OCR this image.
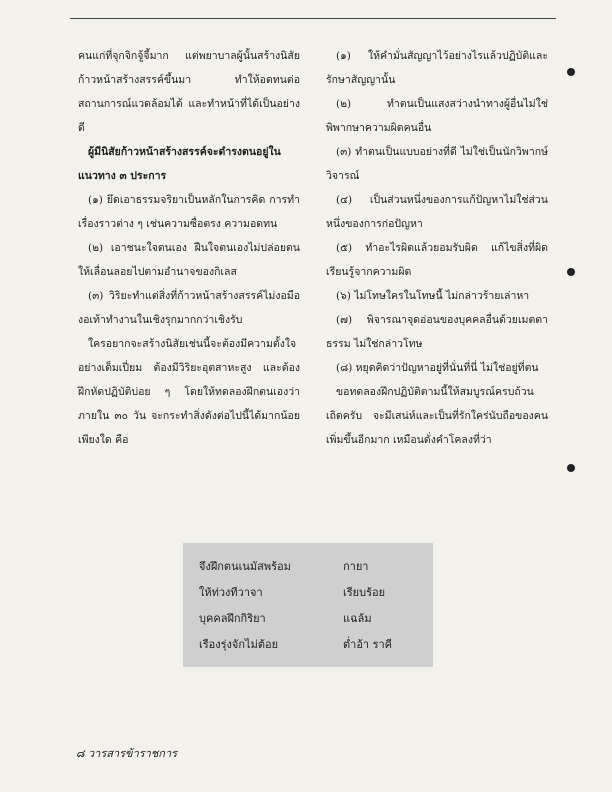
คนแก่ที่จุกจิกจู้จี้มาก แต่พยาบาลผู้นั้นสร้างนิสัยก้าวหน้าสร้างสรรค์ขึ้นมา ทำให้อดทนต่อสถานการณ์แวดล้อมได้ และทำหน้าที่ได้เป็นอย่างดี

ผู้มีนิสัยก้าวหน้าสร้างสรรค์จะดำรงตนอยู่ในแนวทาง ๓ ประการ

(๑) ยึดเอาธรรมจริยาเป็นหลักในการคิด การทำเรื่องราวต่าง ๆ เช่นความซื่อตรง ความอดทน

(๒) เอาชนะใจตนเอง ฝืนใจตนเองไม่ปล่อยตนให้เลื่อนลอยไปตามอำนาจของกิเลส

(๓) วิริยะทำแต่สิ่งที่ก้าวหน้าสร้างสรรค์ไม่งอมืองอเท้าทำงานในเชิงรุกมากกว่าเชิงรับ

ใครอยากจะสร้างนิสัยเช่นนี้จะต้องมีความตั้งใจอย่างเต็มเปี่ยม ต้องมีวิริยะอุตสาหะสูง และต้องฝึกหัดปฏิบัติบ่อย ๆ โดยให้ทดลองฝึกตนเองว่าภายใน ๓๐ วัน จะกระทำสิ่งดังต่อไปนี้ได้มากน้อยเพียงใด คือ

(๑) ให้คำมั่นสัญญาไว้อย่างไรแล้วปฏิบัติและรักษาสัญญานั้น

(๒) ทำตนเป็นแสงสว่างนำทางผู้อื่นไม่ใช่พิพากษาความผิดคนอื่น

(๓) ทำตนเป็นแบบอย่างที่ดี ไม่ใช่เป็นนักวิพากษ์วิจารณ์

(๔) เป็นส่วนหนึ่งของการแก้ปัญหาไม่ใช่ส่วนหนึ่งของการก่อปัญหา

(๕) ทำอะไรผิดแล้วยอมรับผิด แก้ไขสิ่งที่ผิด เรียนรู้จากความผิด

(๖) ไม่โทษใครในโทษนี้ ไม่กล่าวร้ายเล่าหา

(๗) พิจารณาจุดอ่อนของบุคคลอื่นด้วยเมตตาธรรม ไม่ใช่กล่าวโทษ

(๘) หยุดคิดว่าปัญหาอยู่ที่นั่นที่นี่ ไม่ใช่อยู่ที่ตน

ขอทดลองฝึกปฏิบัติตามนี้ให้สมบูรณ์ครบถ้วนเถิดครับ จะมีเสน่ห์และเป็นที่รักใคร่นับถือของคนเพิ่มขึ้นอีกมาก เหมือนดั่งคำโคลงที่ว่า

จึงฝึกตนเนมัสพร้อม	กายา
ให้ท่วงทีวาจา	เรียบร้อย
บุคคลฝึกกิริยา	แฉล้ม
เรืองรุ่งจักไม่ต้อย	ต่ำอ้า ราคี
๘ วารสารข้าราชการ
